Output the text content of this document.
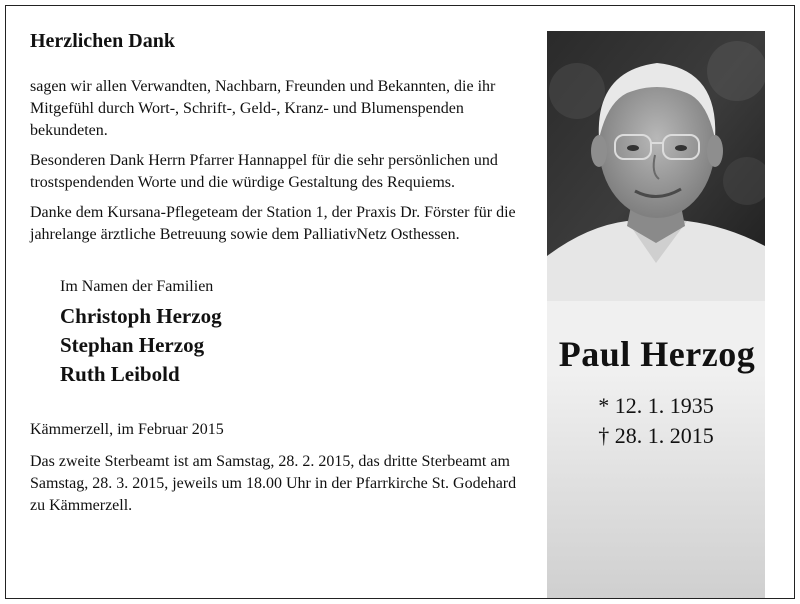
Herzlichen Dank

sagen wir allen Verwandten, Nachbarn, Freunden und Bekannten, die ihr Mitgefühl durch Wort-, Schrift-, Geld-, Kranz- und Blumenspenden bekundeten.

Besonderen Dank Herrn Pfarrer Hannappel für die sehr persönlichen und trostspendenden Worte und die würdige Gestaltung des Requiems.

Danke dem Kursana-Pflegeteam der Station 1, der Praxis Dr. Förster für die jahrelange ärztliche Betreuung sowie dem PalliativNetz Osthessen.

Im Namen der Familien
Christoph Herzog
Stephan Herzog
Ruth Leibold
Kämmerzell, im Februar 2015

Das zweite Sterbeamt ist am Samstag, 28. 2. 2015, das dritte Sterbeamt am Samstag, 28. 3. 2015, jeweils um 18.00 Uhr in der Pfarrkirche St. Godehard zu Kämmerzell.

Paul Herzog
* 12. 1. 1935
† 28. 1. 2015
